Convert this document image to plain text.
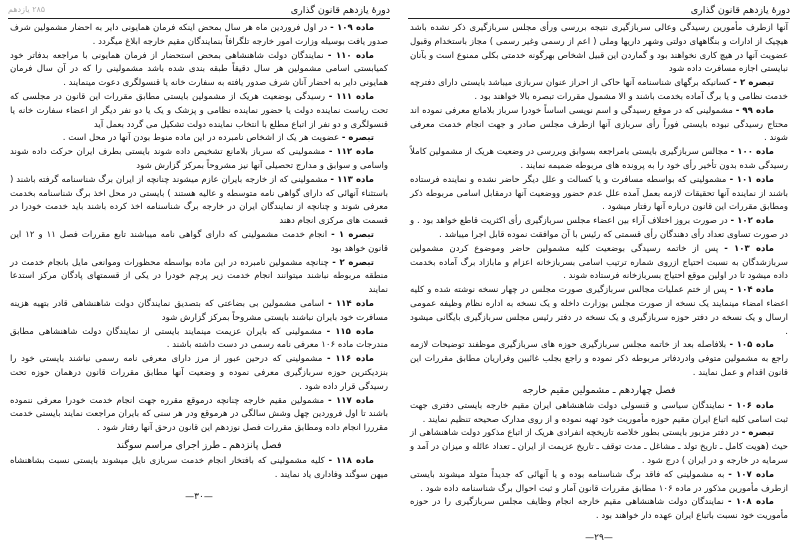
دورهٔ یازدهم قانون گذاری
۲۸۵ یازدهم

ماده ۱۰۹ - در اول فروردین ماه هر سال بمحض اینکه فرمان همایونی دایر به احضار مشمولین شرف صدور یافت بوسیله وزارت امور خارجه تلگرافاً بنمایندگان مقیم خارجه ابلاغ میگردد .

ماده ۱۱۰ - نمایندگان دولت شاهنشاهی بمحض استحضار از فرمان همایونی با مراجعه بدفاتر خود کمیابستی اسامی مشمولین هر سال دقیقاً طبقه بندی شده باشد مشمولینی را که در آن سال فرمان همایونی دایر به احضار آنان شرف صدور یافته به سفارت خانه یا قنسولگری دعوت مینمایند .

ماده ۱۱۱ - رسیدگی بوضعیت هریک از مشمولین بایستی مطابق مقررات این قانون در مجلسی که تحت ریاست نماینده دولت یا حضور نماینده نظامی و پزشک و یک یا دو نفر دیگر از اعضاء سفارت خانه یا قنسولگری و دو نفر از اتباع مطلع با انتخاب نماینده دولت تشکیل می گردد بعمل آید

تبصره - عضویت هر یک از اشخاص نامبرده در این ماده منوط بودن آنها در محل است .

ماده ۱۱۲ - مشمولینی که سرباز بلامانع تشخیص داده شوند بایستی بطرف ایران حرکت داده شوند واسامی و سوابق و مدارج تحصیلی آنها نیز مشروحاً بمرکز گزارش شود

ماده ۱۱۳ - مشمولینی که از خارجه بایران عازم میشوند چنانچه از ایران برگ شناسنامه گرفته باشند ( باستثناء آنهائی که دارای گواهی نامه متوسطه و عالیه هستند ) بایستی در محل اخذ برگ شناسنامه بخدمت معرفی شوند و چنانچه از نمایندگان ایران در خارجه برگ شناسنامه اخذ کرده باشند باید خدمت خودرا در قسمت های مرکزی انجام دهند

تبصره ۱ - انجام خدمت مشمولینی که دارای گواهی نامه میباشند تابع مقررات فصل ۱۱ و ۱۲ این قانون خواهد بود

تبصره ۲ - چنانچه مشمولین نامبرده در این ماده بواسطه محظورات وموانعی مایل بانجام خدمت در منطقه مربوطه نباشند میتوانند انجام خدمت زیر پرچم خودرا در یکی از قسمتهای پادگان مرکز استدعا نمایند

ماده ۱۱۴ - اسامی مشمولین بی بضاعتی که بتصدیق نمایندگان دولت شاهنشاهی قادر بتهیه هزینه مسافرت خود بایران نباشند بایستی مشروحاً بمرکز گزارش شود

ماده ۱۱۵ - مشمولینی که بایران عزیمت مینمایند بایستی از نمایندگان دولت شاهنشاهی مطابق مندرجات ماده ۱۰۶ معرفی نامه رسمی در دست داشته باشند .

ماده ۱۱۶ - مشمولینی که درحین عبور از مرز دارای معرفی نامه رسمی نباشند بایستی خود را بنزدیکترین حوزه سربازگیری معرفی نموده و وضعیت آنها مطابق مقررات قانون درهمان حوزه تحت رسیدگی قرار داده شود .

ماده ۱۱۷ - مشمولین مقیم خارجه چنانچه درموقع مقرره جهت انجام خدمت خودرا معرفی ننموده باشند تا اول فروردین چهل وشش سالگی در هرموقع ودر هر سنی که بایران مراجعت نمایند بایستی خدمت مقرررا انجام داده ومطابق مقررات فصل نوزدهم این قانون درحق آنها رفتار شود .

فصل پانزدهم ـ طرز اجرای مراسم سوگند

ماده ۱۱۸ - کلیه مشمولینی که بافتخار انجام خدمت سربازی نایل میشوند بایستی نسبت بشاهنشاه میهن سوگند وفاداری یاد نمایند .

—۳۰—
دورهٔ یازدهم قانون گذاری

آنها ازطرف مأمورین رسیدگی وعالی سربازگیری نتیجه بررسی ورأی مجلس سربازگیری ذکر نشده باشد هیچیک از ادارات و بنگاههای دولتی وشهر داریها وملی ( اعم از رسمی وغیر رسمی ) مجاز باستخدام وقبول عضویت آنها در هیچ کاری نخواهند بود و گماردن این قبیل اشخاص بهرگونه خدمتی بکلی ممنوع است و بآنان نبایستی اجازه مسافرت داده شود

تبصره ۲ - کسانیکه برگهای شناسنامه آنها حاکی از احراز عنوان سربازی میباشد بایستی دارای دفترچه خدمت نظامی و یا برگ آماده بخدمت باشند و الا مشمول مقررات تبصره بالا خواهند بود .

ماده ۹۹ - مشمولینی که در موقع رسیدگی و اسم نویسی اساساً خودرا سرباز بلامانع معرفی نموده اند محتاج رسیدگی نبوده بایستی فوراً رأی سربازی آنها ازطرف مجلس صادر و جهت انجام خدمت معرفی شوند .

ماده ۱۰۰ - مجالس سربازگیری بایستی بامراجعه بسوابق وبررسی در وضعیت هریک از مشمولین کاملاً رسیدگی شده بدون تأخیر رأی خود را به پرونده های مربوطه ضمیمه نمایند .

ماده ۱۰۱ - مشمولینی که بواسطه مسافرت و یا کسالت و علل دیگر حاضر نشده و نماینده فرستاده باشند از نماینده آنها تحقیقات لازمه بعمل آمده علل عدم حضور ووضعیت آنها درمقابل اسامی مربوطه ذکر ومطابق مقررات این قانون درباره آنها رفتار میشود .

ماده ۱۰۲ - در صورت بروز اختلاف آراء بین اعضاء مجلس سربازگیری رأی اکثریت قاطع خواهد بود . و در صورت تساوی تعداد رأی دهندگان رأی قسمتی که رئیس با آن موافقت نموده قابل اجرا میباشد .

ماده ۱۰۳ - پس از خاتمه رسیدگی بوضعیت کلیه مشمولین حاضر وموضوع کردن مشمولین سربازشدگان به نسبت احتیاج ازروی شماره ترتیب اسامی بسربازخانه اعزام و مابازاد برگ آماده بخدمت داده میشود تا در اولین موقع احتیاج بسربازخانه فرستاده شوند .

ماده ۱۰۴ - پس از ختم عملیات مجالس سربازگیری صورت مجلس در چهار نسخه نوشته شده و کلیه اعضاء امضاء مینمایند یک نسخه از صورت مجلس بوزارت داخله و یک نسخه به اداره نظام وظیفه عمومی ارسال و یک نسخه در دفتر حوزه سربازگیری و یک نسخه در دفتر رئیس مجلس سربازگیری بایگانی میشود .

ماده ۱۰۵ - بلافاصله بعد از خاتمه مجلس سربازگیری حوزه های سربازگیری موظفند توضیحات لازمه راجع به مشمولین متوفی وادردفاتر مربوطه ذکر نموده و راجع بجلب غائبین وفراریان مطابق مقررات این قانون اقدام و عمل نمایند .

فصل چهاردهم ـ مشمولین مقیم خارجه

ماده ۱۰۶ - نمایندگان سیاسی و قنسولی دولت شاهنشاهی ایران مقیم خارجه بایستی دفتری جهت ثبت اسامی کلیه اتباع ایران مقیم حوزه مأموریت خود تهیه نموده و از روی مدارک صحیحه تنظیم نمایند .

تبصره - در دفتر مزبور بایستی بطور خلاصه تاریخچه انفرادی هریک از اتباع مذکور دولت شاهنشاهی از حیث (هویت کامل ـ تاریخ تولد ـ مشاغل ـ مدت توقف ـ تاریخ عزیمت از ایران ـ تعداد عائله و میزان در آمد و سرمایه در خارجه و در ایران ) درج شود .

ماده ۱۰۷ - به مشمولینی که فاقد برگ شناسنامه بوده و یا آنهائی که جدیداً متولد میشوند بایستی ازطرف مأمورین مذکور در ماده ۱۰۶ مطابق مقررات قانون آمار و ثبت احوال برگ شناسنامه داده شود .

ماده ۱۰۸ - نمایندگان دولت شاهنشاهی مقیم خارجه انجام وظایف مجلس سربازگیری را در حوزه مأموریت خود نسبت باتباع ایران عهده دار خواهند بود .

—۲۹—
